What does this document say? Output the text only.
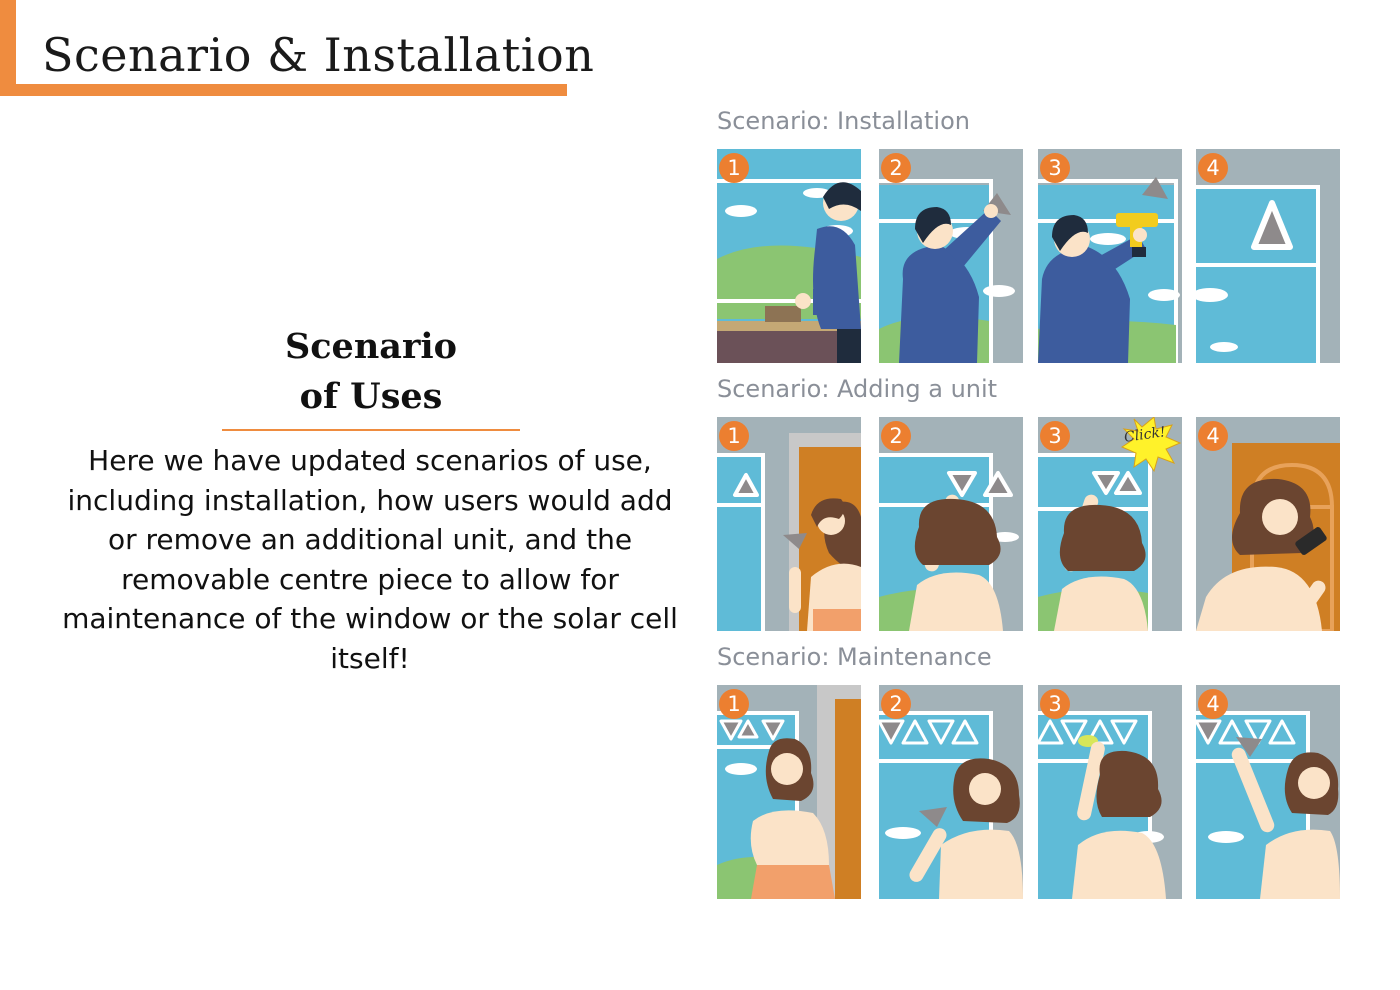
Scenario & Installation
Scenario
of Uses

Here we have updated scenarios of use, including installation, how users would add or remove an additional unit, and the removable centre piece to allow for maintenance of the window or the solar cell itself!

Scenario: Installation
1	2	3	4
Scenario: Adding a unit
1	2	3	Click!	4
Scenario: Maintenance
1	2	3	4
